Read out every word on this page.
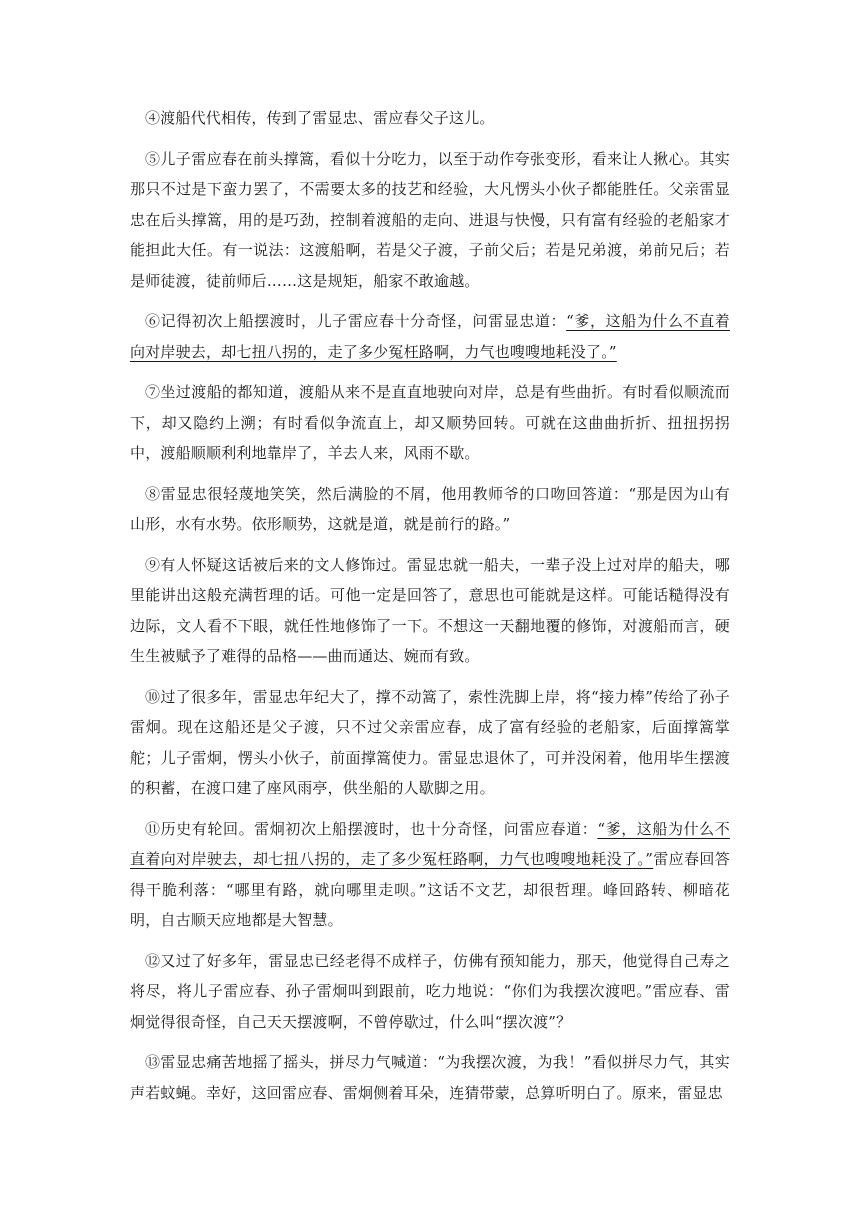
④渡船代代相传，传到了雷显忠、雷应春父子这儿。

⑤儿子雷应春在前头撑篙，看似十分吃力，以至于动作夸张变形，看来让人揪心。其实那只不过是下蛮力罢了，不需要太多的技艺和经验，大凡愣头小伙子都能胜任。父亲雷显忠在后头撑篙，用的是巧劲，控制着渡船的走向、进退与快慢，只有富有经验的老船家才能担此大任。有一说法：这渡船啊，若是父子渡，子前父后；若是兄弟渡，弟前兄后；若是师徒渡，徒前师后……这是规矩，船家不敢逾越。

⑥记得初次上船摆渡时，儿子雷应春十分奇怪，问雷显忠道：“爹，这船为什么不直着向对岸驶去，却七扭八拐的，走了多少冤枉路啊，力气也嗖嗖地耗没了。”

⑦坐过渡船的都知道，渡船从来不是直直地驶向对岸，总是有些曲折。有时看似顺流而下，却又隐约上溯；有时看似争流直上，却又顺势回转。可就在这曲曲折折、扭扭拐拐中，渡船顺顺利利地靠岸了，羊去人来，风雨不歇。

⑧雷显忠很轻蔑地笑笑，然后满脸的不屑，他用教师爷的口吻回答道：“那是因为山有山形，水有水势。依形顺势，这就是道，就是前行的路。”

⑨有人怀疑这话被后来的文人修饰过。雷显忠就一船夫，一辈子没上过对岸的船夫，哪里能讲出这般充满哲理的话。可他一定是回答了，意思也可能就是这样。可能话糙得没有边际，文人看不下眼，就任性地修饰了一下。不想这一天翻地覆的修饰，对渡船而言，硬生生被赋予了难得的品格——曲而通达、婉而有致。

⑩过了很多年，雷显忠年纪大了，撑不动篙了，索性洗脚上岸，将“接力棒”传给了孙子雷炯。现在这船还是父子渡，只不过父亲雷应春，成了富有经验的老船家，后面撑篙掌舵；儿子雷炯，愣头小伙子，前面撑篙使力。雷显忠退休了，可并没闲着，他用毕生摆渡的积蓄，在渡口建了座风雨亭，供坐船的人歇脚之用。

⑪历史有轮回。雷炯初次上船摆渡时，也十分奇怪，问雷应春道：“爹，这船为什么不直着向对岸驶去，却七扭八拐的，走了多少冤枉路啊，力气也嗖嗖地耗没了。”雷应春回答得干脆利落：“哪里有路，就向哪里走呗。”这话不文艺，却很哲理。峰回路转、柳暗花明，自古顺天应地都是大智慧。

⑫又过了好多年，雷显忠已经老得不成样子，仿佛有预知能力，那天，他觉得自己寿之将尽，将儿子雷应春、孙子雷炯叫到跟前，吃力地说：“你们为我摆次渡吧。”雷应春、雷炯觉得很奇怪，自己天天摆渡啊，不曾停歇过，什么叫“摆次渡”？

⑬雷显忠痛苦地摇了摇头，拼尽力气喊道：“为我摆次渡，为我！”看似拼尽力气，其实声若蚊蝇。幸好，这回雷应春、雷炯侧着耳朵，连猜带蒙，总算听明白了。原来，雷显忠
